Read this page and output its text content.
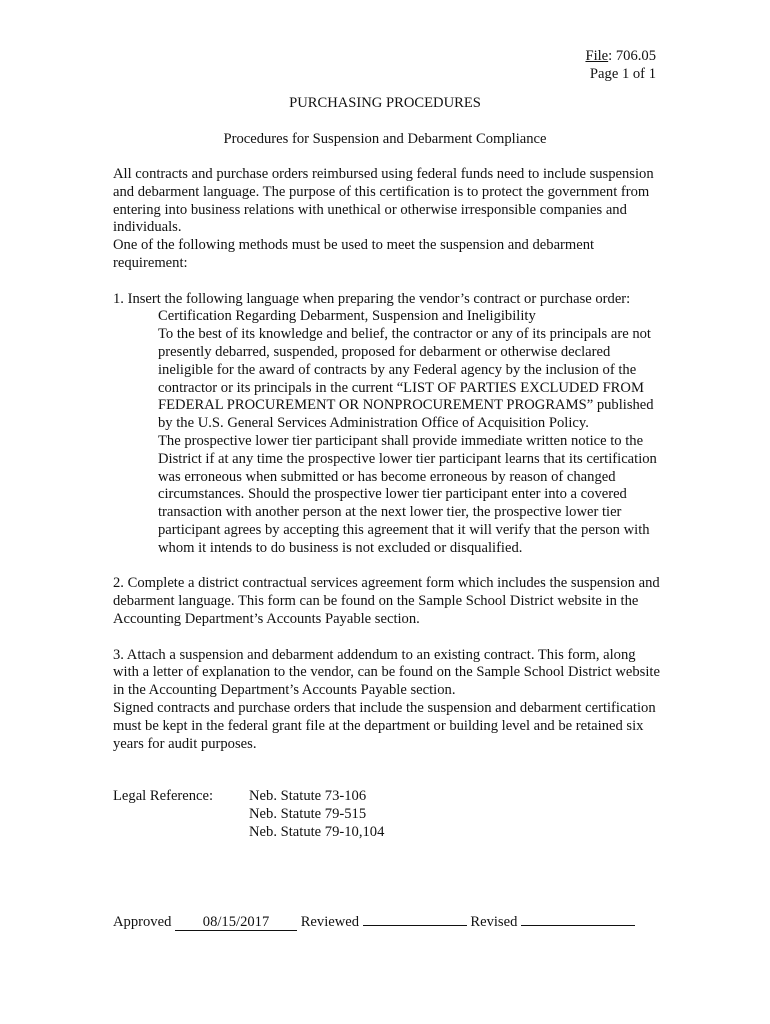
File: 706.05
Page 1 of 1
PURCHASING PROCEDURES
Procedures for Suspension and Debarment Compliance

All contracts and purchase orders reimbursed using federal funds need to include suspension and debarment language. The purpose of this certification is to protect the government from entering into business relations with unethical or otherwise irresponsible companies and individuals.

One of the following methods must be used to meet the suspension and debarment requirement:

1. Insert the following language when preparing the vendor’s contract or purchase order:

Certification Regarding Debarment, Suspension and Ineligibility

To the best of its knowledge and belief, the contractor or any of its principals are not presently debarred, suspended, proposed for debarment or otherwise declared ineligible for the award of contracts by any Federal agency by the inclusion of the contractor or its principals in the current “LIST OF PARTIES EXCLUDED FROM FEDERAL PROCUREMENT OR NONPROCUREMENT PROGRAMS” published by the U.S. General Services Administration Office of Acquisition Policy.

The prospective lower tier participant shall provide immediate written notice to the District if at any time the prospective lower tier participant learns that its certification was erroneous when submitted or has become erroneous by reason of changed circumstances. Should the prospective lower tier participant enter into a covered transaction with another person at the next lower tier, the prospective lower tier participant agrees by accepting this agreement that it will verify that the person with whom it intends to do business is not excluded or disqualified.

2. Complete a district contractual services agreement form which includes the suspension and debarment language. This form can be found on the Sample School District website in the Accounting Department’s Accounts Payable section.

3. Attach a suspension and debarment addendum to an existing contract. This form, along with a letter of explanation to the vendor, can be found on the Sample School District website in the Accounting Department’s Accounts Payable section.

Signed contracts and purchase orders that include the suspension and debarment certification must be kept in the federal grant file at the department or building level and be retained six years for audit purposes.

Legal Reference: Neb. Statute 73-106
Neb. Statute 79-515
Neb. Statute 79-10,104
Approved 08/15/2017 Reviewed	Revised
